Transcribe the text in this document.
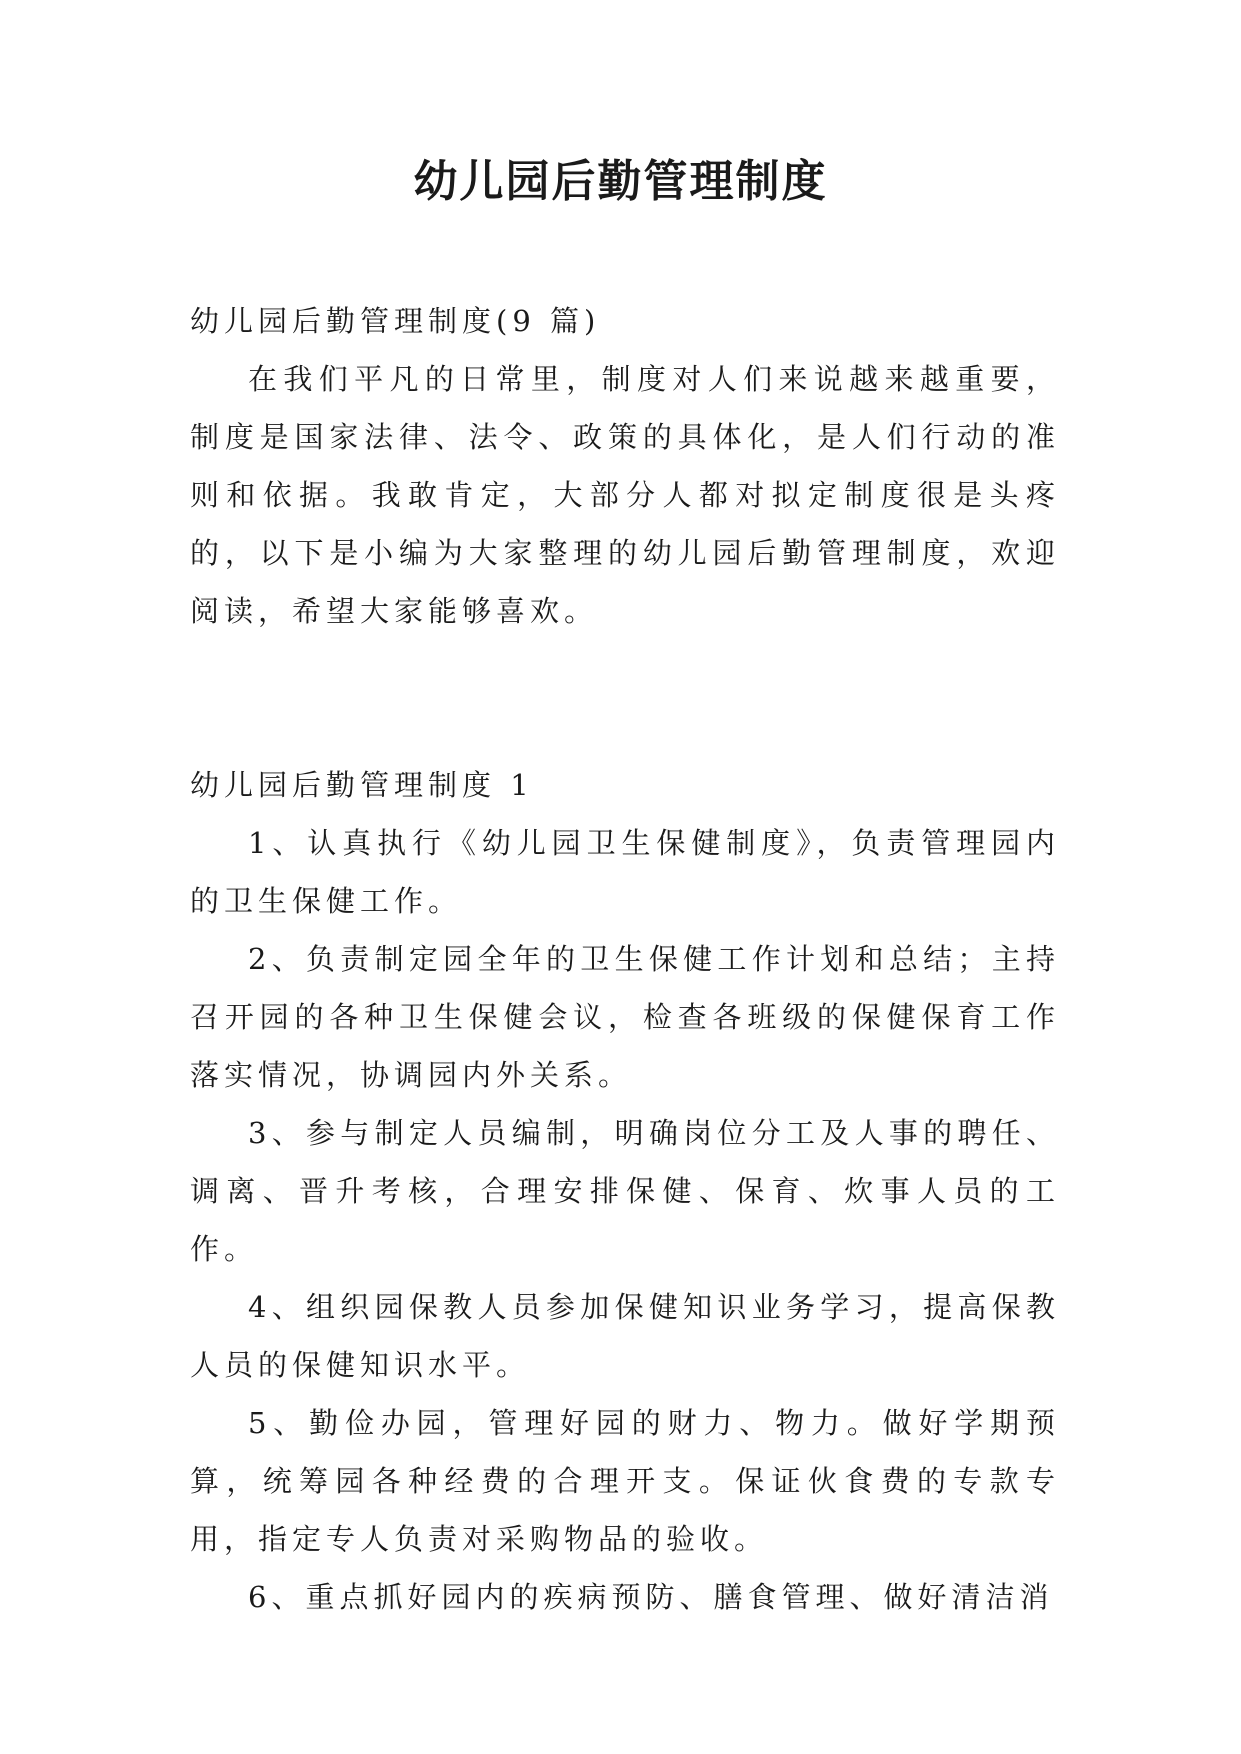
幼儿园后勤管理制度

幼儿园后勤管理制度(9 篇)

在我们平凡的日常里，制度对人们来说越来越重要，制度是国家法律、法令、政策的具体化，是人们行动的准则和依据。我敢肯定，大部分人都对拟定制度很是头疼的，以下是小编为大家整理的幼儿园后勤管理制度，欢迎阅读，希望大家能够喜欢。

幼儿园后勤管理制度 1

1、认真执行《幼儿园卫生保健制度》，负责管理园内的卫生保健工作。

2、负责制定园全年的卫生保健工作计划和总结；主持召开园的各种卫生保健会议，检查各班级的保健保育工作落实情况，协调园内外关系。

3、参与制定人员编制，明确岗位分工及人事的聘任、调离、晋升考核，合理安排保健、保育、炊事人员的工作。

4、组织园保教人员参加保健知识业务学习，提高保教人员的保健知识水平。

5、勤俭办园，管理好园的财力、物力。做好学期预算，统筹园各种经费的合理开支。保证伙食费的专款专用，指定专人负责对采购物品的验收。

6、重点抓好园内的疾病预防、膳食管理、做好清洁消
